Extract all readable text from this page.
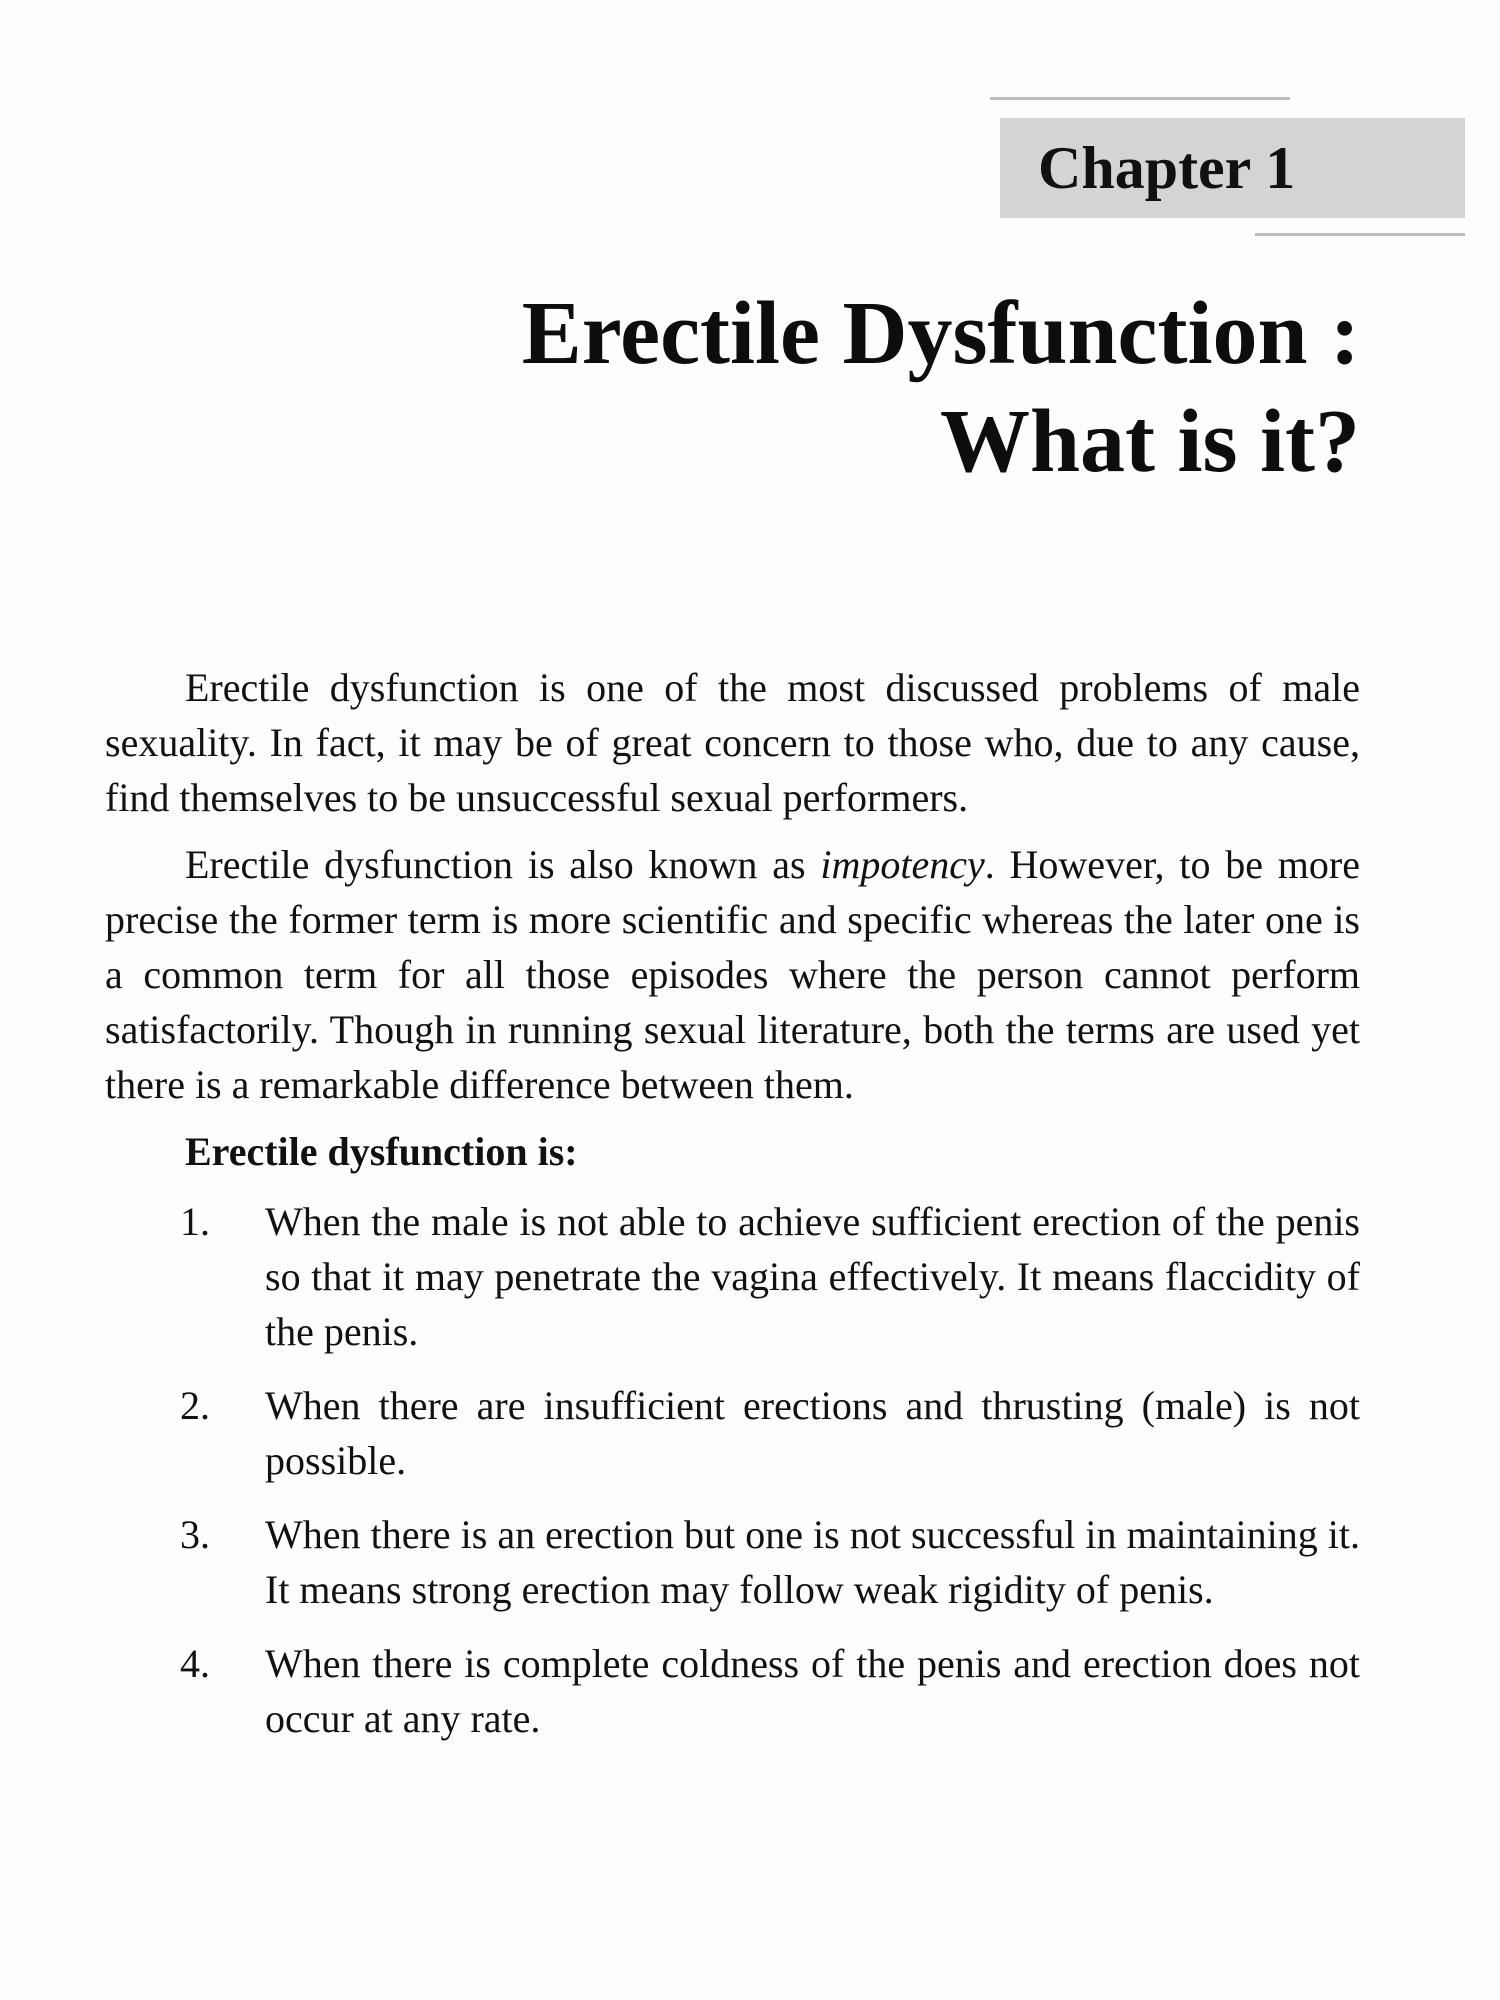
Chapter 1
Erectile Dysfunction :
What is it?

Erectile dysfunction is one of the most discussed problems of male sexuality. In fact, it may be of great concern to those who, due to any cause, find themselves to be unsuccessful sexual performers.

Erectile dysfunction is also known as impotency. However, to be more precise the former term is more scientific and specific whereas the later one is a common term for all those episodes where the person cannot perform satisfactorily. Though in running sexual literature, both the terms are used yet there is a remarkable difference between them.

Erectile dysfunction is:
1. When the male is not able to achieve sufficient erection of the penis so that it may penetrate the vagina effectively. It means flaccidity of the penis.
2. When there are insufficient erections and thrusting (male) is not possible.
3. When there is an erection but one is not successful in maintaining it. It means strong erection may follow weak rigidity of penis.
4. When there is complete coldness of the penis and erection does not occur at any rate.
